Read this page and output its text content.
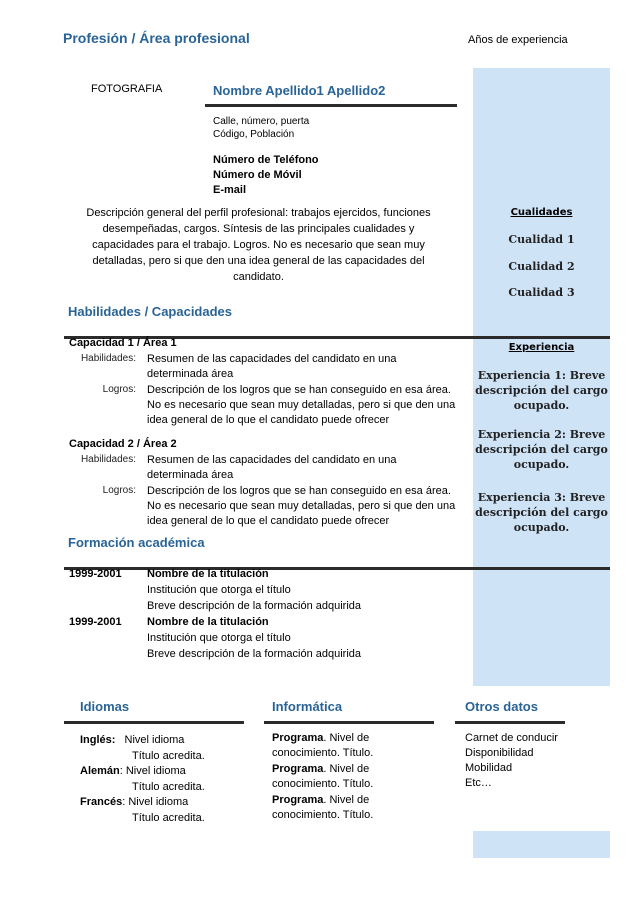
Profesión / Área profesional	Años de experiencia
FOTOGRAFIA	Nombre Apellido1 Apellido2
Calle, número, puerta
Código, Población
Número de Teléfono
Número de Móvil
E-mail
Descripción general del perfil profesional: trabajos ejercidos, funciones
desempeñadas, cargos. Síntesis de las principales cualidades y
capacidades para el trabajo. Logros. No es necesario que sean muy
detalladas, pero si que den una idea general de las capacidades del
candidato.
Cualidades
Cualidad 1
Cualidad 2
Cualidad 3
Habilidades / Capacidades
Capacidad 1 / Área 1
Habilidades: Resumen de las capacidades del candidato en una
determinada área
Logros: Descripción de los logros que se han conseguido en esa área.
No es necesario que sean muy detalladas, pero si que den una
idea general de lo que el candidato puede ofrecer
Capacidad 2 / Área 2
Habilidades: Resumen de las capacidades del candidato en una
determinada área
Logros: Descripción de los logros que se han conseguido en esa área.
No es necesario que sean muy detalladas, pero si que den una
idea general de lo que el candidato puede ofrecer
Experiencia
Experiencia 1: Breve
descripción del cargo
ocupado.
Experiencia 2: Breve
descripción del cargo
ocupado.
Experiencia 3: Breve
descripción del cargo
ocupado.
Formación académica
1999-2001 Nombre de la titulación
Institución que otorga el título
Breve descripción de la formación adquirida
1999-2001 Nombre de la titulación
Institución que otorga el título
Breve descripción de la formación adquirida
Idiomas
Inglés: Nivel idioma
Título acredita.
Alemán: Nivel idioma
Título acredita.
Francés: Nivel idioma
Título acredita.
Informática
Programa. Nivel de
conocimiento. Título.
Programa. Nivel de
conocimiento. Título.
Programa. Nivel de
conocimiento. Título.
Otros datos
Carnet de conducir
Disponibilidad
Mobilidad
Etc…
